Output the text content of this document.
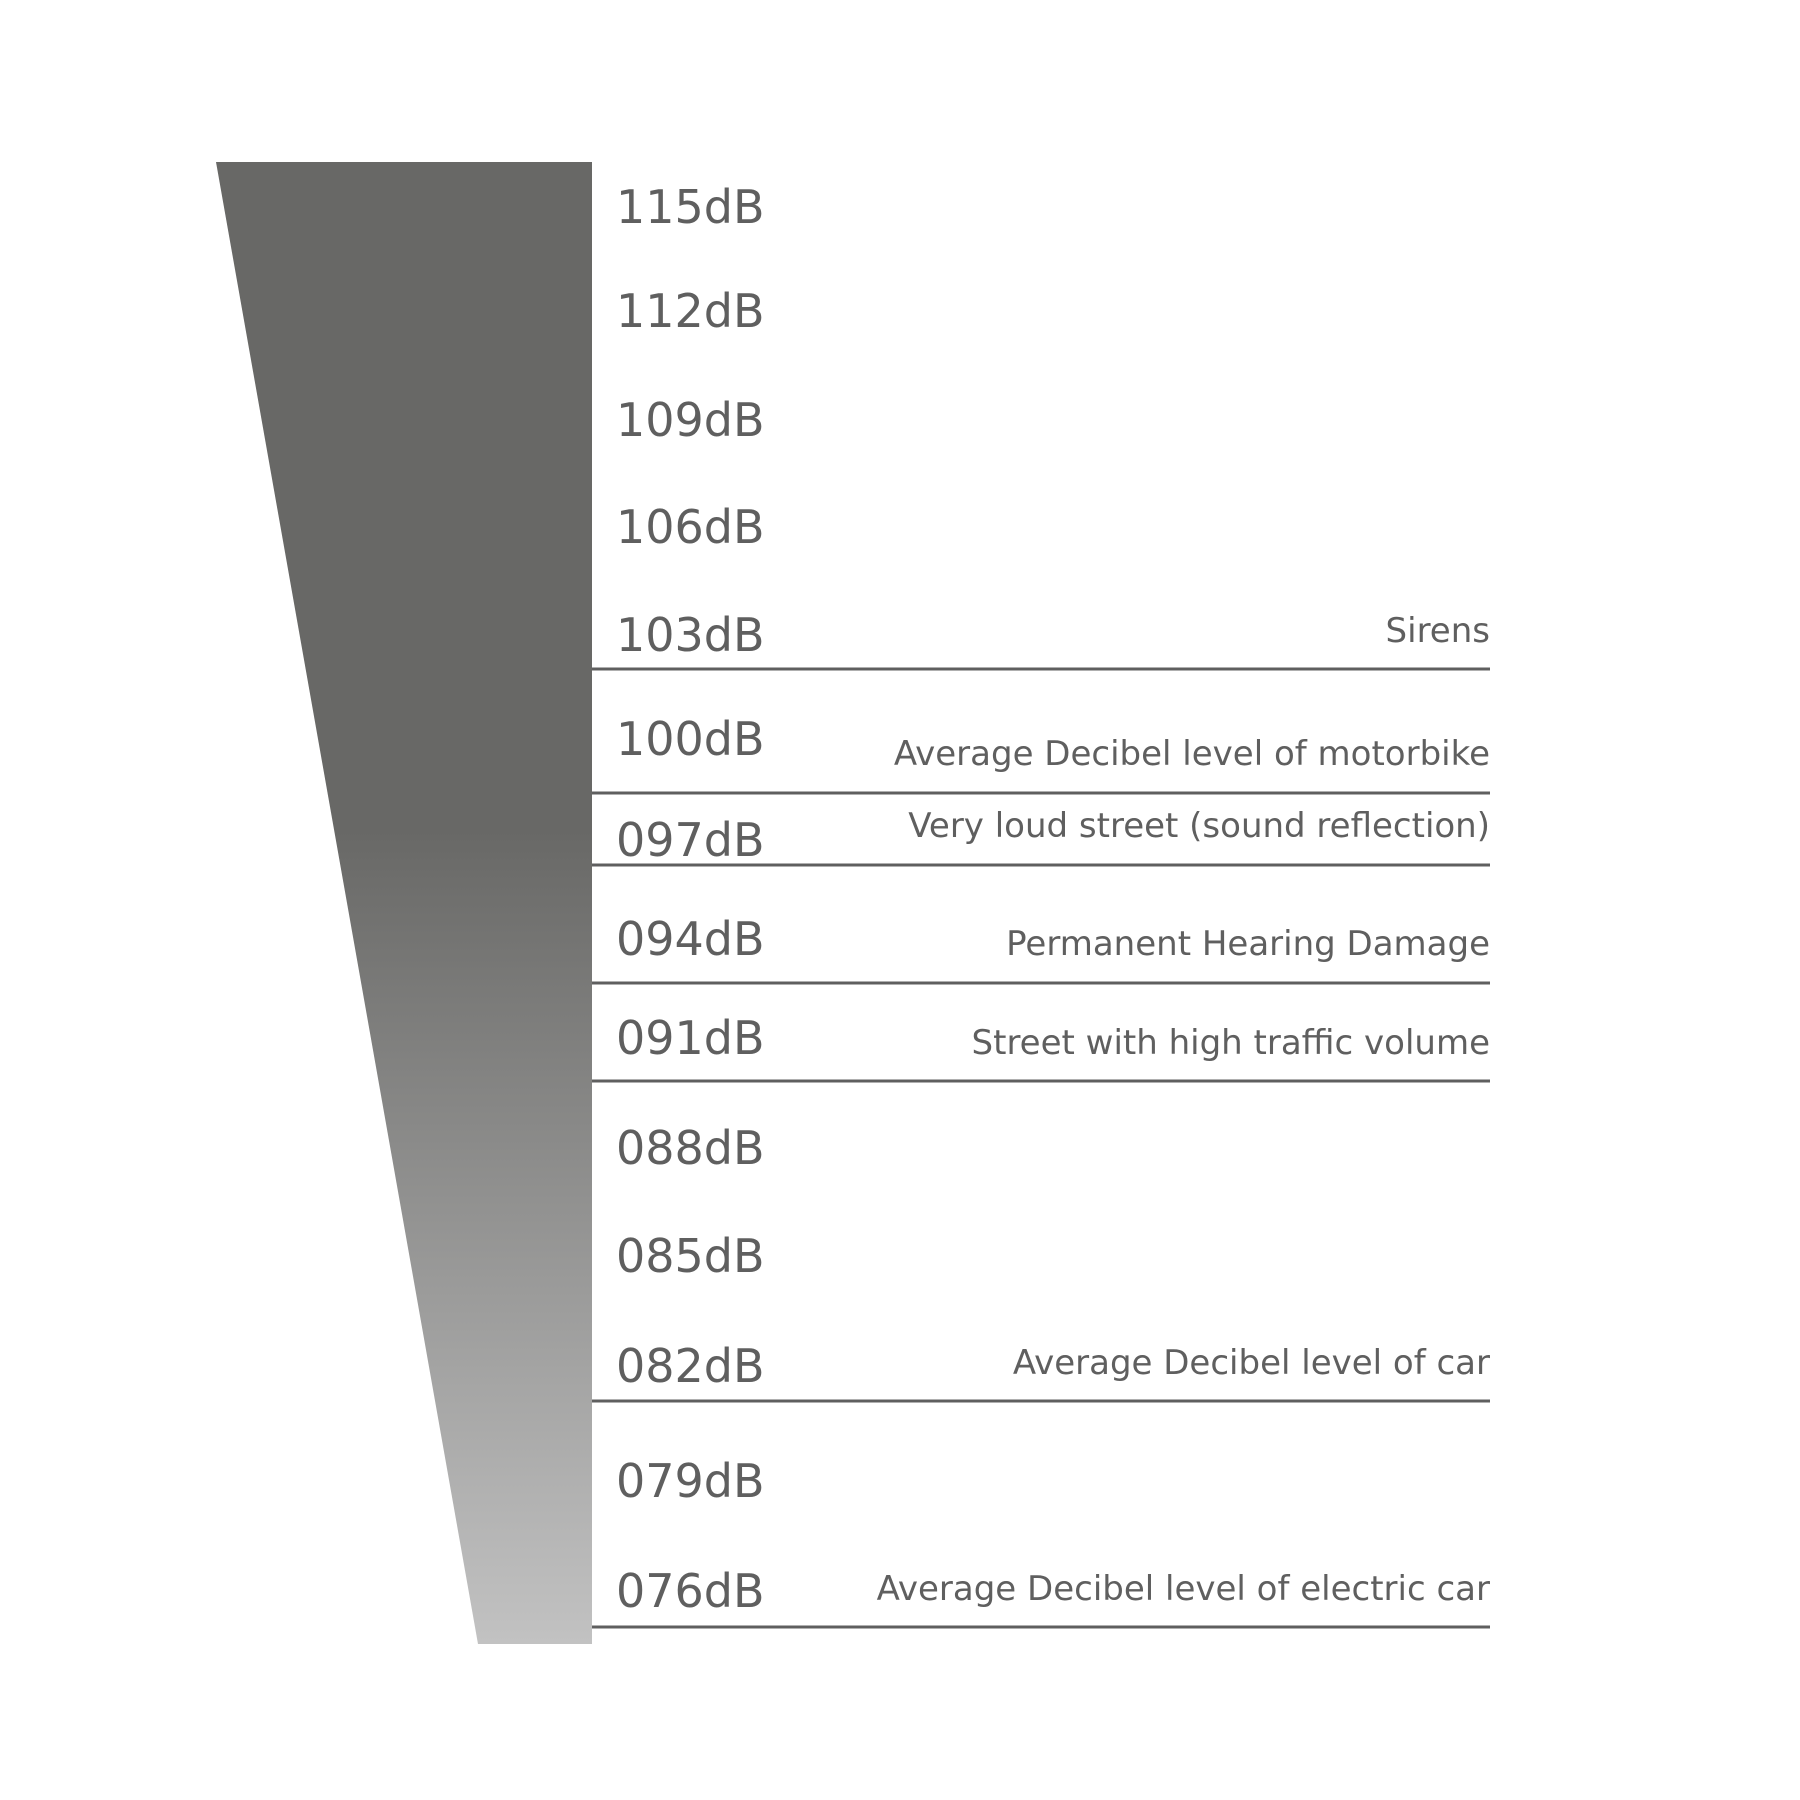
115dB
112dB
109dB
106dB
103dB
100dB
097dB
094dB
091dB
088dB
085dB
082dB
079dB
076dB
Sirens
Average Decibel level of motorbike
Very loud street (sound reflection)
Permanent Hearing Damage
Street with high traffic volume
Average Decibel level of car
Average Decibel level of electric car
